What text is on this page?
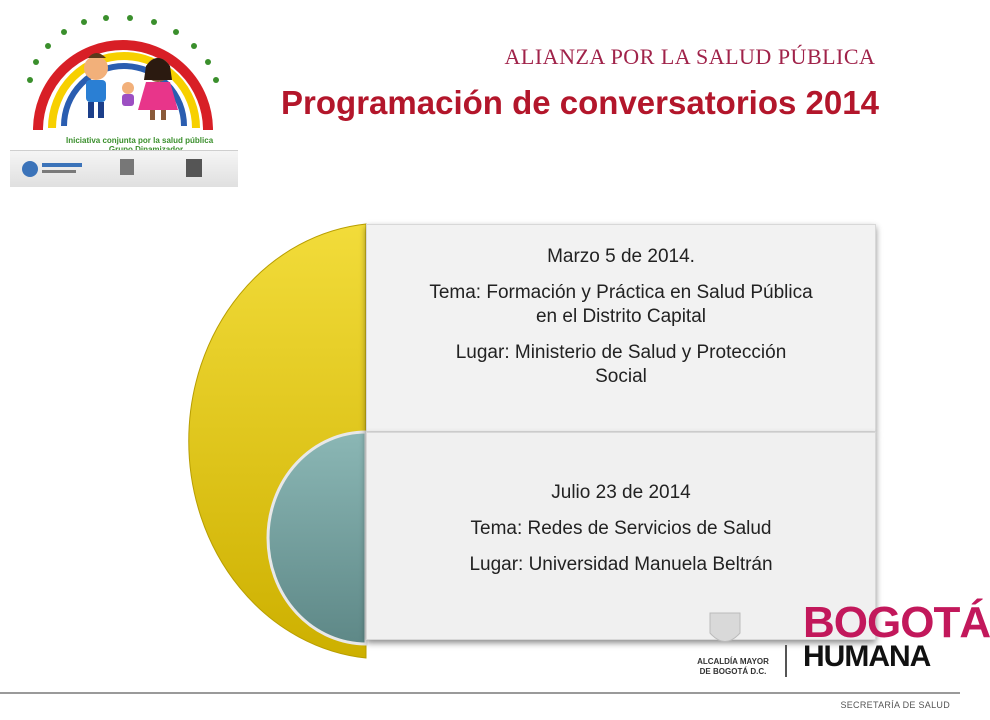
Iniciativa conjunta por la salud pública
ALIANZA POR LA SALUD PÚBLICA
Programación de conversatorios 2014

Marzo 5 de 2014.

Tema: Formación y Práctica en Salud Pública

en el Distrito Capital

Lugar: Ministerio de Salud y Protección

Social

Julio 23 de 2014

Tema: Redes de Servicios de Salud

Lugar: Universidad Manuela Beltrán

ALCALDÍA MAYOR
DE BOGOTÁ D.C.
BOGOTÁ
HUMANA
SECRETARÍA DE SALUD
